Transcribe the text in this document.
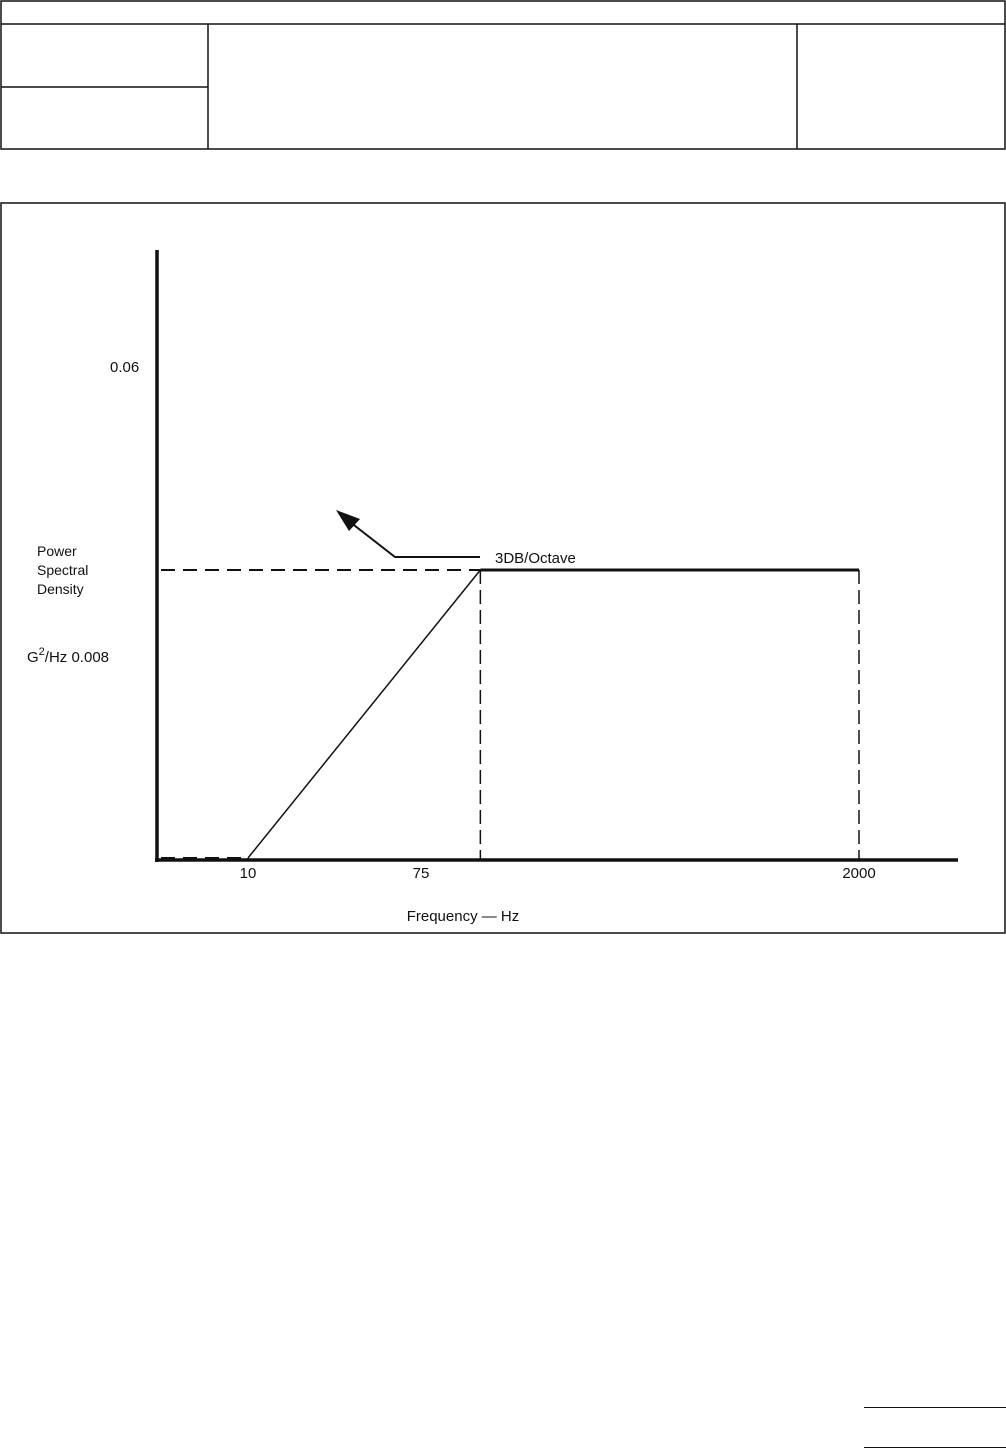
0.06
$G^2/Hz$ 0.008
Power
Spectral
Density
10	75	2000
Frequency — Hz
3DB/Octave
